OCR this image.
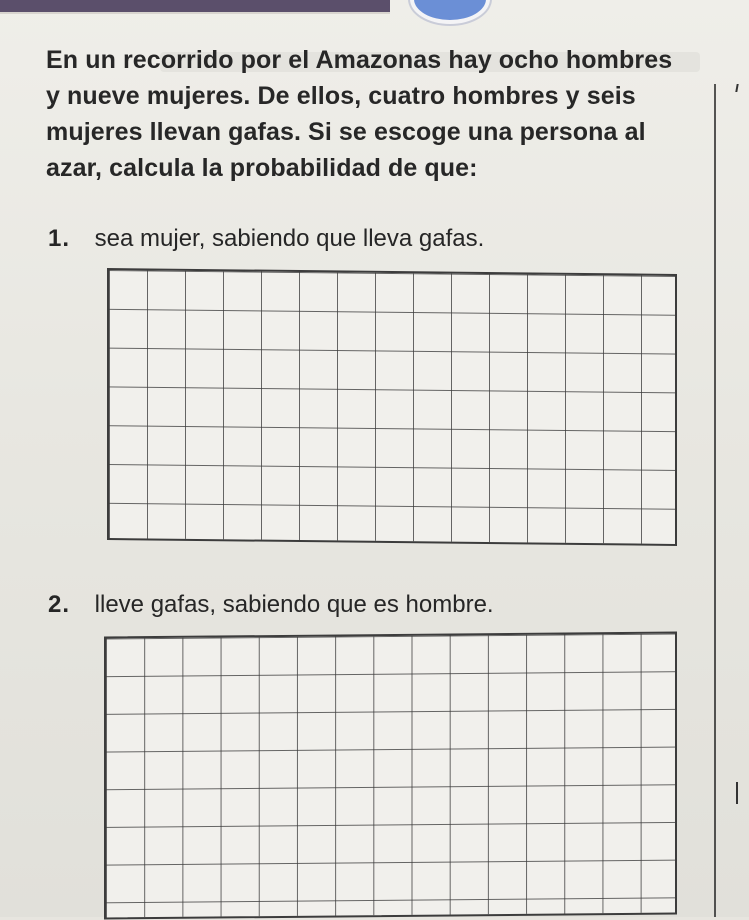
En un recorrido por el Amazonas hay ocho hombres y nueve mujeres. De ellos, cuatro hombres y seis mujeres llevan gafas. Si se escoge una persona al azar, calcula la probabilidad de que:
1. sea mujer, sabiendo que lleva gafas.
2. lleve gafas, sabiendo que es hombre.
